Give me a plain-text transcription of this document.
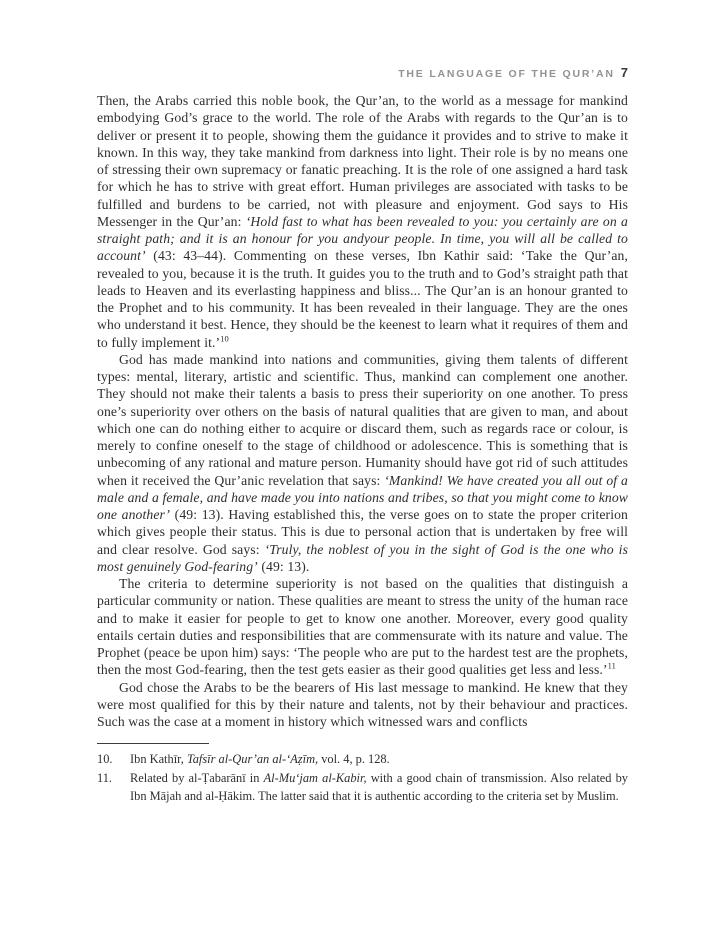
THE LANGUAGE OF THE QUR’AN 7

Then, the Arabs carried this noble book, the Qur’an, to the world as a message for mankind embodying God’s grace to the world. The role of the Arabs with regards to the Qur’an is to deliver or present it to people, showing them the guidance it provides and to strive to make it known. In this way, they take mankind from darkness into light. Their role is by no means one of stressing their own supremacy or fanatic preaching. It is the role of one assigned a hard task for which he has to strive with great effort. Human privileges are associated with tasks to be fulfilled and burdens to be carried, not with pleasure and enjoyment. God says to His Messenger in the Qur’an: ‘Hold fast to what has been revealed to you: you certainly are on a straight path; and it is an honour for you andyour people. In time, you will all be called to account’ (43: 43–44). Commenting on these verses, Ibn Kathir said: ‘Take the Qur’an, revealed to you, because it is the truth. It guides you to the truth and to God’s straight path that leads to Heaven and its everlasting happiness and bliss... The Qur’an is an honour granted to the Prophet and to his community. It has been revealed in their language. They are the ones who understand it best. Hence, they should be the keenest to learn what it requires of them and to fully implement it.’$^{10}$

God has made mankind into nations and communities, giving them talents of different types: mental, literary, artistic and scientific. Thus, mankind can complement one another. They should not make their talents a basis to press their superiority on one another. To press one’s superiority over others on the basis of natural qualities that are given to man, and about which one can do nothing either to acquire or discard them, such as regards race or colour, is merely to confine oneself to the stage of childhood or adolescence. This is something that is unbecoming of any rational and mature person. Humanity should have got rid of such attitudes when it received the Qur’anic revelation that says: ‘Mankind! We have created you all out of a male and a female, and have made you into nations and tribes, so that you might come to know one another’ (49: 13). Having established this, the verse goes on to state the proper criterion which gives people their status. This is due to personal action that is undertaken by free will and clear resolve. God says: ‘Truly, the noblest of you in the sight of God is the one who is most genuinely God-fearing’ (49: 13).

The criteria to determine superiority is not based on the qualities that distinguish a particular community or nation. These qualities are meant to stress the unity of the human race and to make it easier for people to get to know one another. Moreover, every good quality entails certain duties and responsibilities that are commensurate with its nature and value. The Prophet (peace be upon him) says: ‘The people who are put to the hardest test are the prophets, then the most God-fearing, then the test gets easier as their good qualities get less and less.’$^{11}$

God chose the Arabs to be the bearers of His last message to mankind. He knew that they were most qualified for this by their nature and talents, not by their behaviour and practices. Such was the case at a moment in history which witnessed wars and conflicts

10.	Ibn Kathīr, Tafsīr al-Qur’an al-‘Aẓīm, vol. 4, p. 128.
11.	Related by al-Ṭabarānī in Al-Mu‘jam al-Kabir, with a good chain of transmission. Also related by Ibn Mājah and al-Ḥākim. The latter said that it is authentic according to the criteria set by Muslim.
